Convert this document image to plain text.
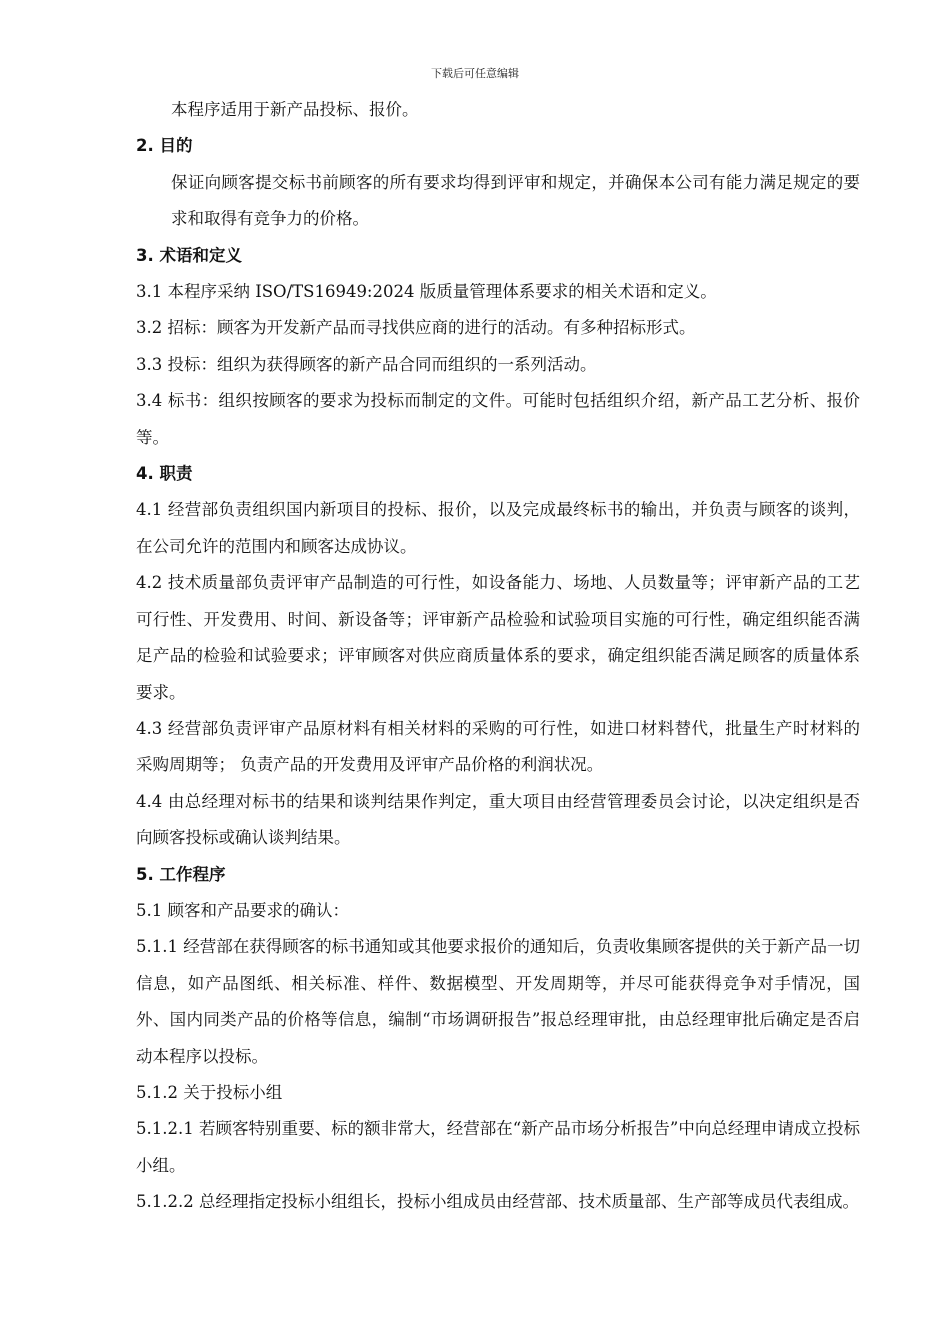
下载后可任意编辑

本程序适用于新产品投标、报价。

2. 目的

保证向顾客提交标书前顾客的所有要求均得到评审和规定，并确保本公司有能力满足规定的要求和取得有竞争力的价格。

3. 术语和定义

3.1 本程序采纳 ISO/TS16949:2024 版质量管理体系要求的相关术语和定义。

3.2 招标：顾客为开发新产品而寻找供应商的进行的活动。有多种招标形式。

3.3 投标：组织为获得顾客的新产品合同而组织的一系列活动。

3.4 标书：组织按顾客的要求为投标而制定的文件。可能时包括组织介绍，新产品工艺分析、报价等。

4. 职责

4.1 经营部负责组织国内新项目的投标、报价，以及完成最终标书的输出，并负责与顾客的谈判，在公司允许的范围内和顾客达成协议。

4.2 技术质量部负责评审产品制造的可行性，如设备能力、场地、人员数量等；评审新产品的工艺可行性、开发费用、时间、新设备等；评审新产品检验和试验项目实施的可行性，确定组织能否满足产品的检验和试验要求；评审顾客对供应商质量体系的要求，确定组织能否满足顾客的质量体系要求。

4.3 经营部负责评审产品原材料有相关材料的采购的可行性，如进口材料替代，批量生产时材料的采购周期等； 负责产品的开发费用及评审产品价格的利润状况。

4.4 由总经理对标书的结果和谈判结果作判定，重大项目由经营管理委员会讨论，以决定组织是否向顾客投标或确认谈判结果。

5. 工作程序

5.1 顾客和产品要求的确认：

5.1.1 经营部在获得顾客的标书通知或其他要求报价的通知后，负责收集顾客提供的关于新产品一切信息，如产品图纸、相关标准、样件、数据模型、开发周期等，并尽可能获得竞争对手情况，国外、国内同类产品的价格等信息，编制“市场调研报告”报总经理审批，由总经理审批后确定是否启动本程序以投标。

5.1.2 关于投标小组

5.1.2.1 若顾客特别重要、标的额非常大，经营部在“新产品市场分析报告”中向总经理申请成立投标小组。

5.1.2.2 总经理指定投标小组组长，投标小组成员由经营部、技术质量部、生产部等成员代表组成。
